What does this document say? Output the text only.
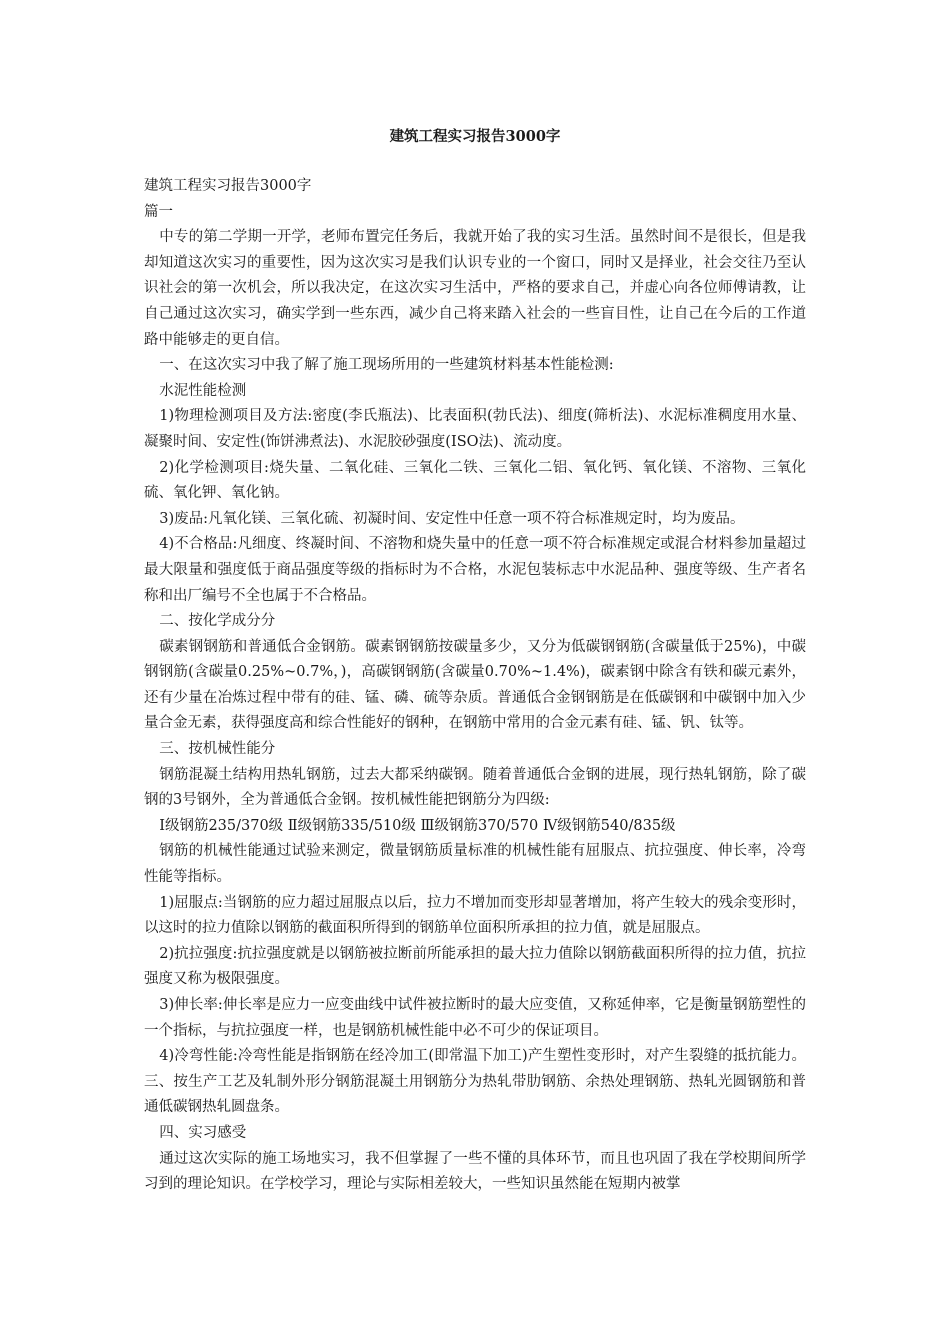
建筑工程实习报告3000字

建筑工程实习报告3000字

篇一

中专的第二学期一开学，老师布置完任务后，我就开始了我的实习生活。虽然时间不是很长，但是我却知道这次实习的重要性，因为这次实习是我们认识专业的一个窗口，同时又是择业，社会交往乃至认识社会的第一次机会，所以我决定，在这次实习生活中，严格的要求自己，并虚心向各位师傅请教，让自己通过这次实习，确实学到一些东西，减少自己将来踏入社会的一些盲目性，让自己在今后的工作道路中能够走的更自信。

一、在这次实习中我了解了施工现场所用的一些建筑材料基本性能检测:

水泥性能检测

1)物理检测项目及方法:密度(李氏瓶法)、比表面积(勃氏法)、细度(筛析法)、水泥标准稠度用水量、凝聚时间、安定性(饰饼沸煮法)、水泥胶砂强度(ISO法)、流动度。

2)化学检测项目:烧失量、二氧化硅、三氧化二铁、三氧化二铝、氧化钙、氧化镁、不溶物、三氧化硫、氧化钾、氧化钠。

3)废品:凡氧化镁、三氧化硫、初凝时间、安定性中任意一项不符合标准规定时，均为废品。

4)不合格品:凡细度、终凝时间、不溶物和烧失量中的任意一项不符合标准规定或混合材料参加量超过最大限量和强度低于商品强度等级的指标时为不合格，水泥包装标志中水泥品种、强度等级、生产者名称和出厂编号不全也属于不合格品。

二、按化学成分分

碳素钢钢筋和普通低合金钢筋。碳素钢钢筋按碳量多少，又分为低碳钢钢筋(含碳量低于25%)，中碳钢钢筋(含碳量0.25%~0.7%，)，高碳钢钢筋(含碳量0.70%~1.4%)，碳素钢中除含有铁和碳元素外，还有少量在冶炼过程中带有的硅、锰、磷、硫等杂质。普通低合金钢钢筋是在低碳钢和中碳钢中加入少量合金无素，获得强度高和综合性能好的钢种，在钢筋中常用的合金元素有硅、锰、钒、钛等。

三、按机械性能分

钢筋混凝土结构用热轧钢筋，过去大都采纳碳钢。随着普通低合金钢的进展，现行热轧钢筋，除了碳钢的3号钢外，全为普通低合金钢。按机械性能把钢筋分为四级:

Ⅰ级钢筋235/370级 Ⅱ级钢筋335/510级 Ⅲ级钢筋370/570 Ⅳ级钢筋540/835级

钢筋的机械性能通过试验来测定，微量钢筋质量标准的机械性能有屈服点、抗拉强度、伸长率，冷弯性能等指标。

1)屈服点:当钢筋的应力超过屈服点以后，拉力不增加而变形却显著增加，将产生较大的残余变形时，以这时的拉力值除以钢筋的截面积所得到的钢筋单位面积所承担的拉力值，就是屈服点。

2)抗拉强度:抗拉强度就是以钢筋被拉断前所能承担的最大拉力值除以钢筋截面积所得的拉力值，抗拉强度又称为极限强度。

3)伸长率:伸长率是应力一应变曲线中试件被拉断时的最大应变值，又称延伸率，它是衡量钢筋塑性的一个指标，与抗拉强度一样，也是钢筋机械性能中必不可少的保证项目。

4)冷弯性能:冷弯性能是指钢筋在经冷加工(即常温下加工)产生塑性变形时，对产生裂缝的抵抗能力。三、按生产工艺及轧制外形分钢筋混凝土用钢筋分为热轧带肋钢筋、余热处理钢筋、热轧光圆钢筋和普通低碳钢热轧圆盘条。

四、实习感受

通过这次实际的施工场地实习，我不但掌握了一些不懂的具体环节，而且也巩固了我在学校期间所学习到的理论知识。在学校学习，理论与实际相差较大，一些知识虽然能在短期内被掌
